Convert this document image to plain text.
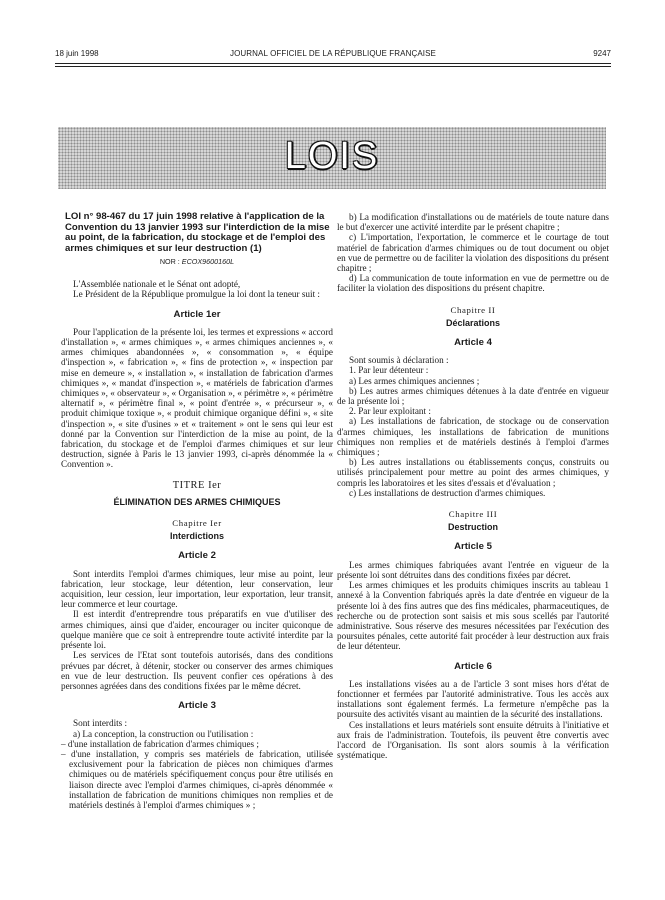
18 juin 1998	JOURNAL OFFICIEL DE LA RÉPUBLIQUE FRANÇAISE	9247
LOIS
LOI n° 98-467 du 17 juin 1998 relative à l'application de la Convention du 13 janvier 1993 sur l'interdiction de la mise au point, de la fabrication, du stockage et de l'emploi des armes chimiques et sur leur destruction (1)
NOR : ECOX9600160L

L'Assemblée nationale et le Sénat ont adopté,

Le Président de la République promulgue la loi dont la teneur suit :

Article 1er

Pour l'application de la présente loi, les termes et expressions « accord d'installation », « armes chimiques », « armes chimiques anciennes », « armes chimiques abandonnées », « consommation », « équipe d'inspection », « fabrication », « fins de protection », « inspection par mise en demeure », « installation », « installation de fabrication d'armes chimiques », « mandat d'inspection », « matériels de fabrication d'armes chimiques », « observateur », « Organisation », « périmètre », « périmètre alternatif », « périmètre final », « point d'entrée », « précurseur », « produit chimique toxique », « produit chimique organique défini », « site d'inspection », « site d'usines » et « traitement » ont le sens qui leur est donné par la Convention sur l'interdiction de la mise au point, de la fabrication, du stockage et de l'emploi d'armes chimiques et sur leur destruction, signée à Paris le 13 janvier 1993, ci-après dénommée la « Convention ».

TITRE Ier
ÉLIMINATION DES ARMES CHIMIQUES
Chapitre Ier
Interdictions
Article 2

Sont interdits l'emploi d'armes chimiques, leur mise au point, leur fabrication, leur stockage, leur détention, leur conservation, leur acquisition, leur cession, leur importation, leur exportation, leur transit, leur commerce et leur courtage.

Il est interdit d'entreprendre tous préparatifs en vue d'utiliser des armes chimiques, ainsi que d'aider, encourager ou inciter quiconque de quelque manière que ce soit à entreprendre toute activité interdite par la présente loi.

Les services de l'Etat sont toutefois autorisés, dans des conditions prévues par décret, à détenir, stocker ou conserver des armes chimiques en vue de leur destruction. Ils peuvent confier ces opérations à des personnes agréées dans des conditions fixées par le même décret.

Article 3

Sont interdits :

a) La conception, la construction ou l'utilisation :

– d'une installation de fabrication d'armes chimiques ;

– d'une installation, y compris ses matériels de fabrication, utilisée exclusivement pour la fabrication de pièces non chimiques d'armes chimiques ou de matériels spécifiquement conçus pour être utilisés en liaison directe avec l'emploi d'armes chimiques, ci-après dénommée « installation de fabrication de munitions chimiques non remplies et de matériels destinés à l'emploi d'armes chimiques » ;

b) La modification d'installations ou de matériels de toute nature dans le but d'exercer une activité interdite par le présent chapitre ;

c) L'importation, l'exportation, le commerce et le courtage de tout matériel de fabrication d'armes chimiques ou de tout document ou objet en vue de permettre ou de faciliter la violation des dispositions du présent chapitre ;

d) La communication de toute information en vue de permettre ou de faciliter la violation des dispositions du présent chapitre.

Chapitre II
Déclarations
Article 4

Sont soumis à déclaration :

1. Par leur détenteur :

a) Les armes chimiques anciennes ;

b) Les autres armes chimiques détenues à la date d'entrée en vigueur de la présente loi ;

2. Par leur exploitant :

a) Les installations de fabrication, de stockage ou de conservation d'armes chimiques, les installations de fabrication de munitions chimiques non remplies et de matériels destinés à l'emploi d'armes chimiques ;

b) Les autres installations ou établissements conçus, construits ou utilisés principalement pour mettre au point des armes chimiques, y compris les laboratoires et les sites d'essais et d'évaluation ;

c) Les installations de destruction d'armes chimiques.

Chapitre III
Destruction
Article 5

Les armes chimiques fabriquées avant l'entrée en vigueur de la présente loi sont détruites dans des conditions fixées par décret.

Les armes chimiques et les produits chimiques inscrits au tableau 1 annexé à la Convention fabriqués après la date d'entrée en vigueur de la présente loi à des fins autres que des fins médicales, pharmaceutiques, de recherche ou de protection sont saisis et mis sous scellés par l'autorité administrative. Sous réserve des mesures nécessitées par l'exécution des poursuites pénales, cette autorité fait procéder à leur destruction aux frais de leur détenteur.

Article 6

Les installations visées au a de l'article 3 sont mises hors d'état de fonctionner et fermées par l'autorité administrative. Tous les accès aux installations sont également fermés. La fermeture n'empêche pas la poursuite des activités visant au maintien de la sécurité des installations.

Ces installations et leurs matériels sont ensuite détruits à l'initiative et aux frais de l'administration. Toutefois, ils peuvent être convertis avec l'accord de l'Organisation. Ils sont alors soumis à la vérification systématique.
